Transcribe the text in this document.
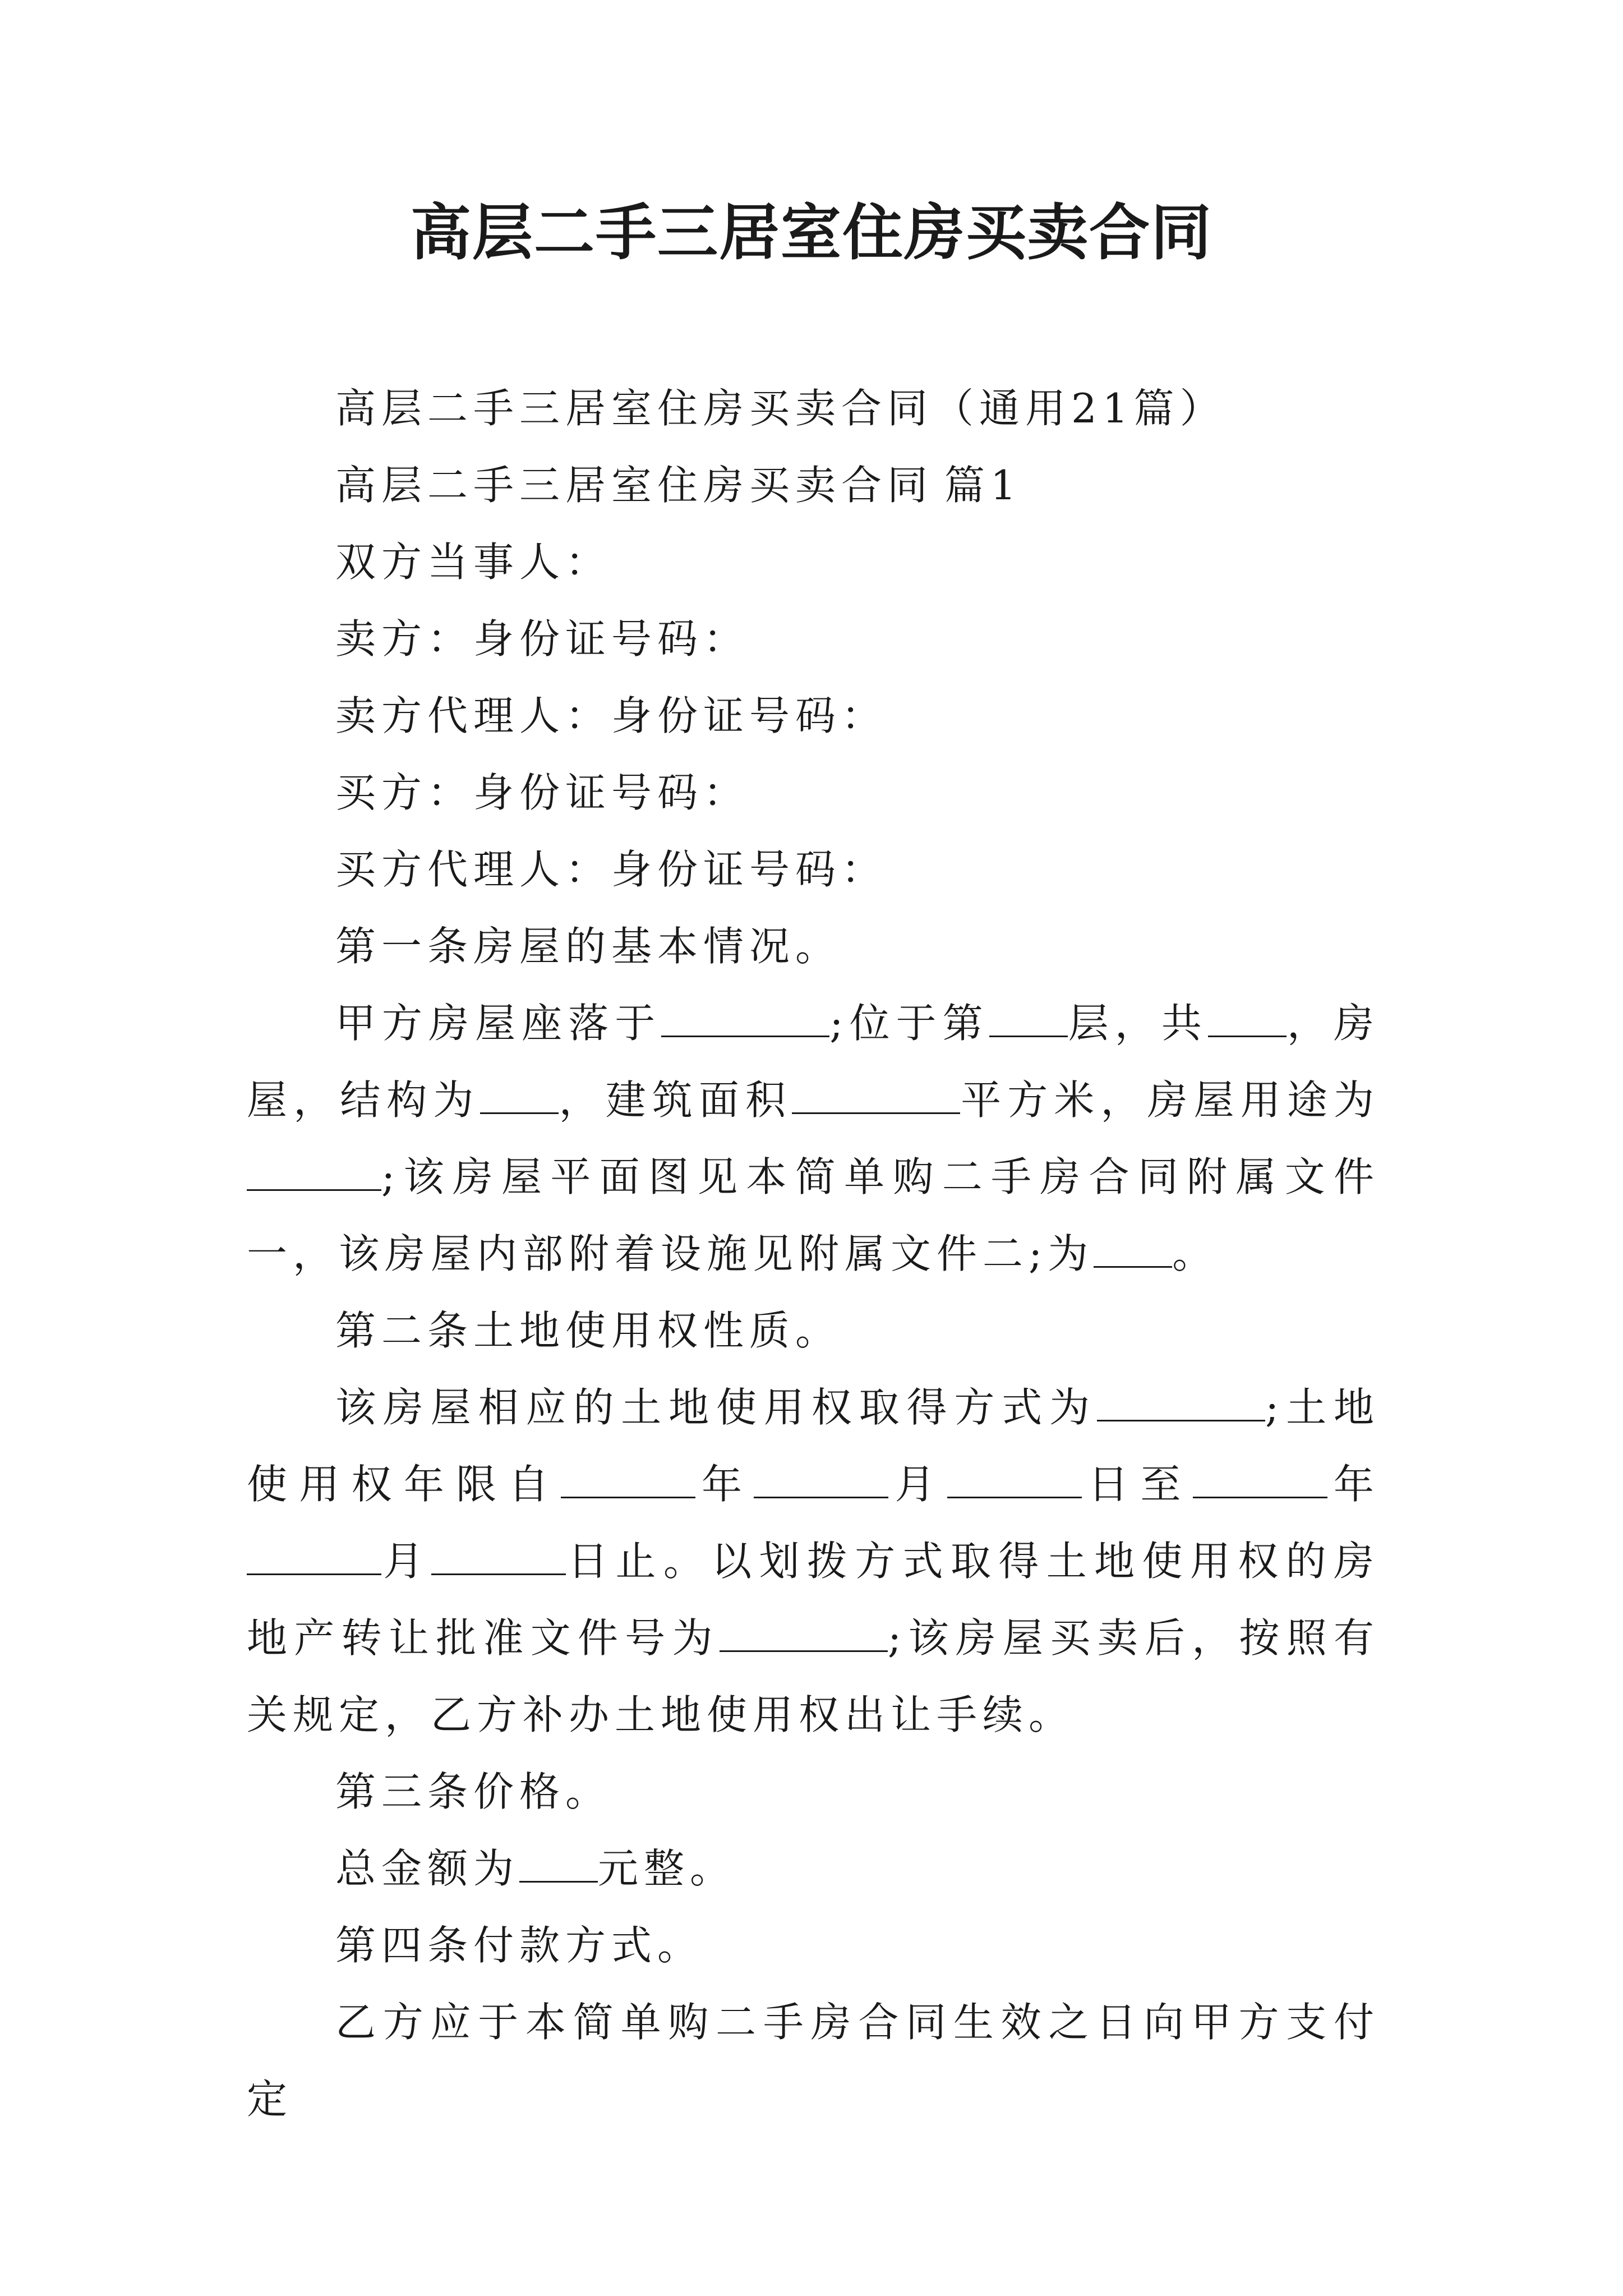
高层二手三居室住房买卖合同

高层二手三居室住房买卖合同（通用21篇）

高层二手三居室住房买卖合同 篇1

双方当事人：

卖方：身份证号码：

卖方代理人：身份证号码：

买方：身份证号码：

买方代理人：身份证号码：

第一条房屋的基本情况。

甲方房屋座落于	;位于第 层，共 ，房屋，结构为 ，建筑面积	平方米，房屋用途为;该房屋平面图见本简单购二手房合同附属文件一，该房屋内部附着设施见附属文件二;为 。

第二条土地使用权性质。

该房屋相应的土地使用权取得方式为	;土地使用权年限自	年	月	日至	年月	日止。以划拨方式取得土地使用权的房地产转让批准文件号为	;该房屋买卖后，按照有关规定，乙方补办土地使用权出让手续。

第三条价格。

总金额为 元整。

第四条付款方式。

乙方应于本简单购二手房合同生效之日向甲方支付定
